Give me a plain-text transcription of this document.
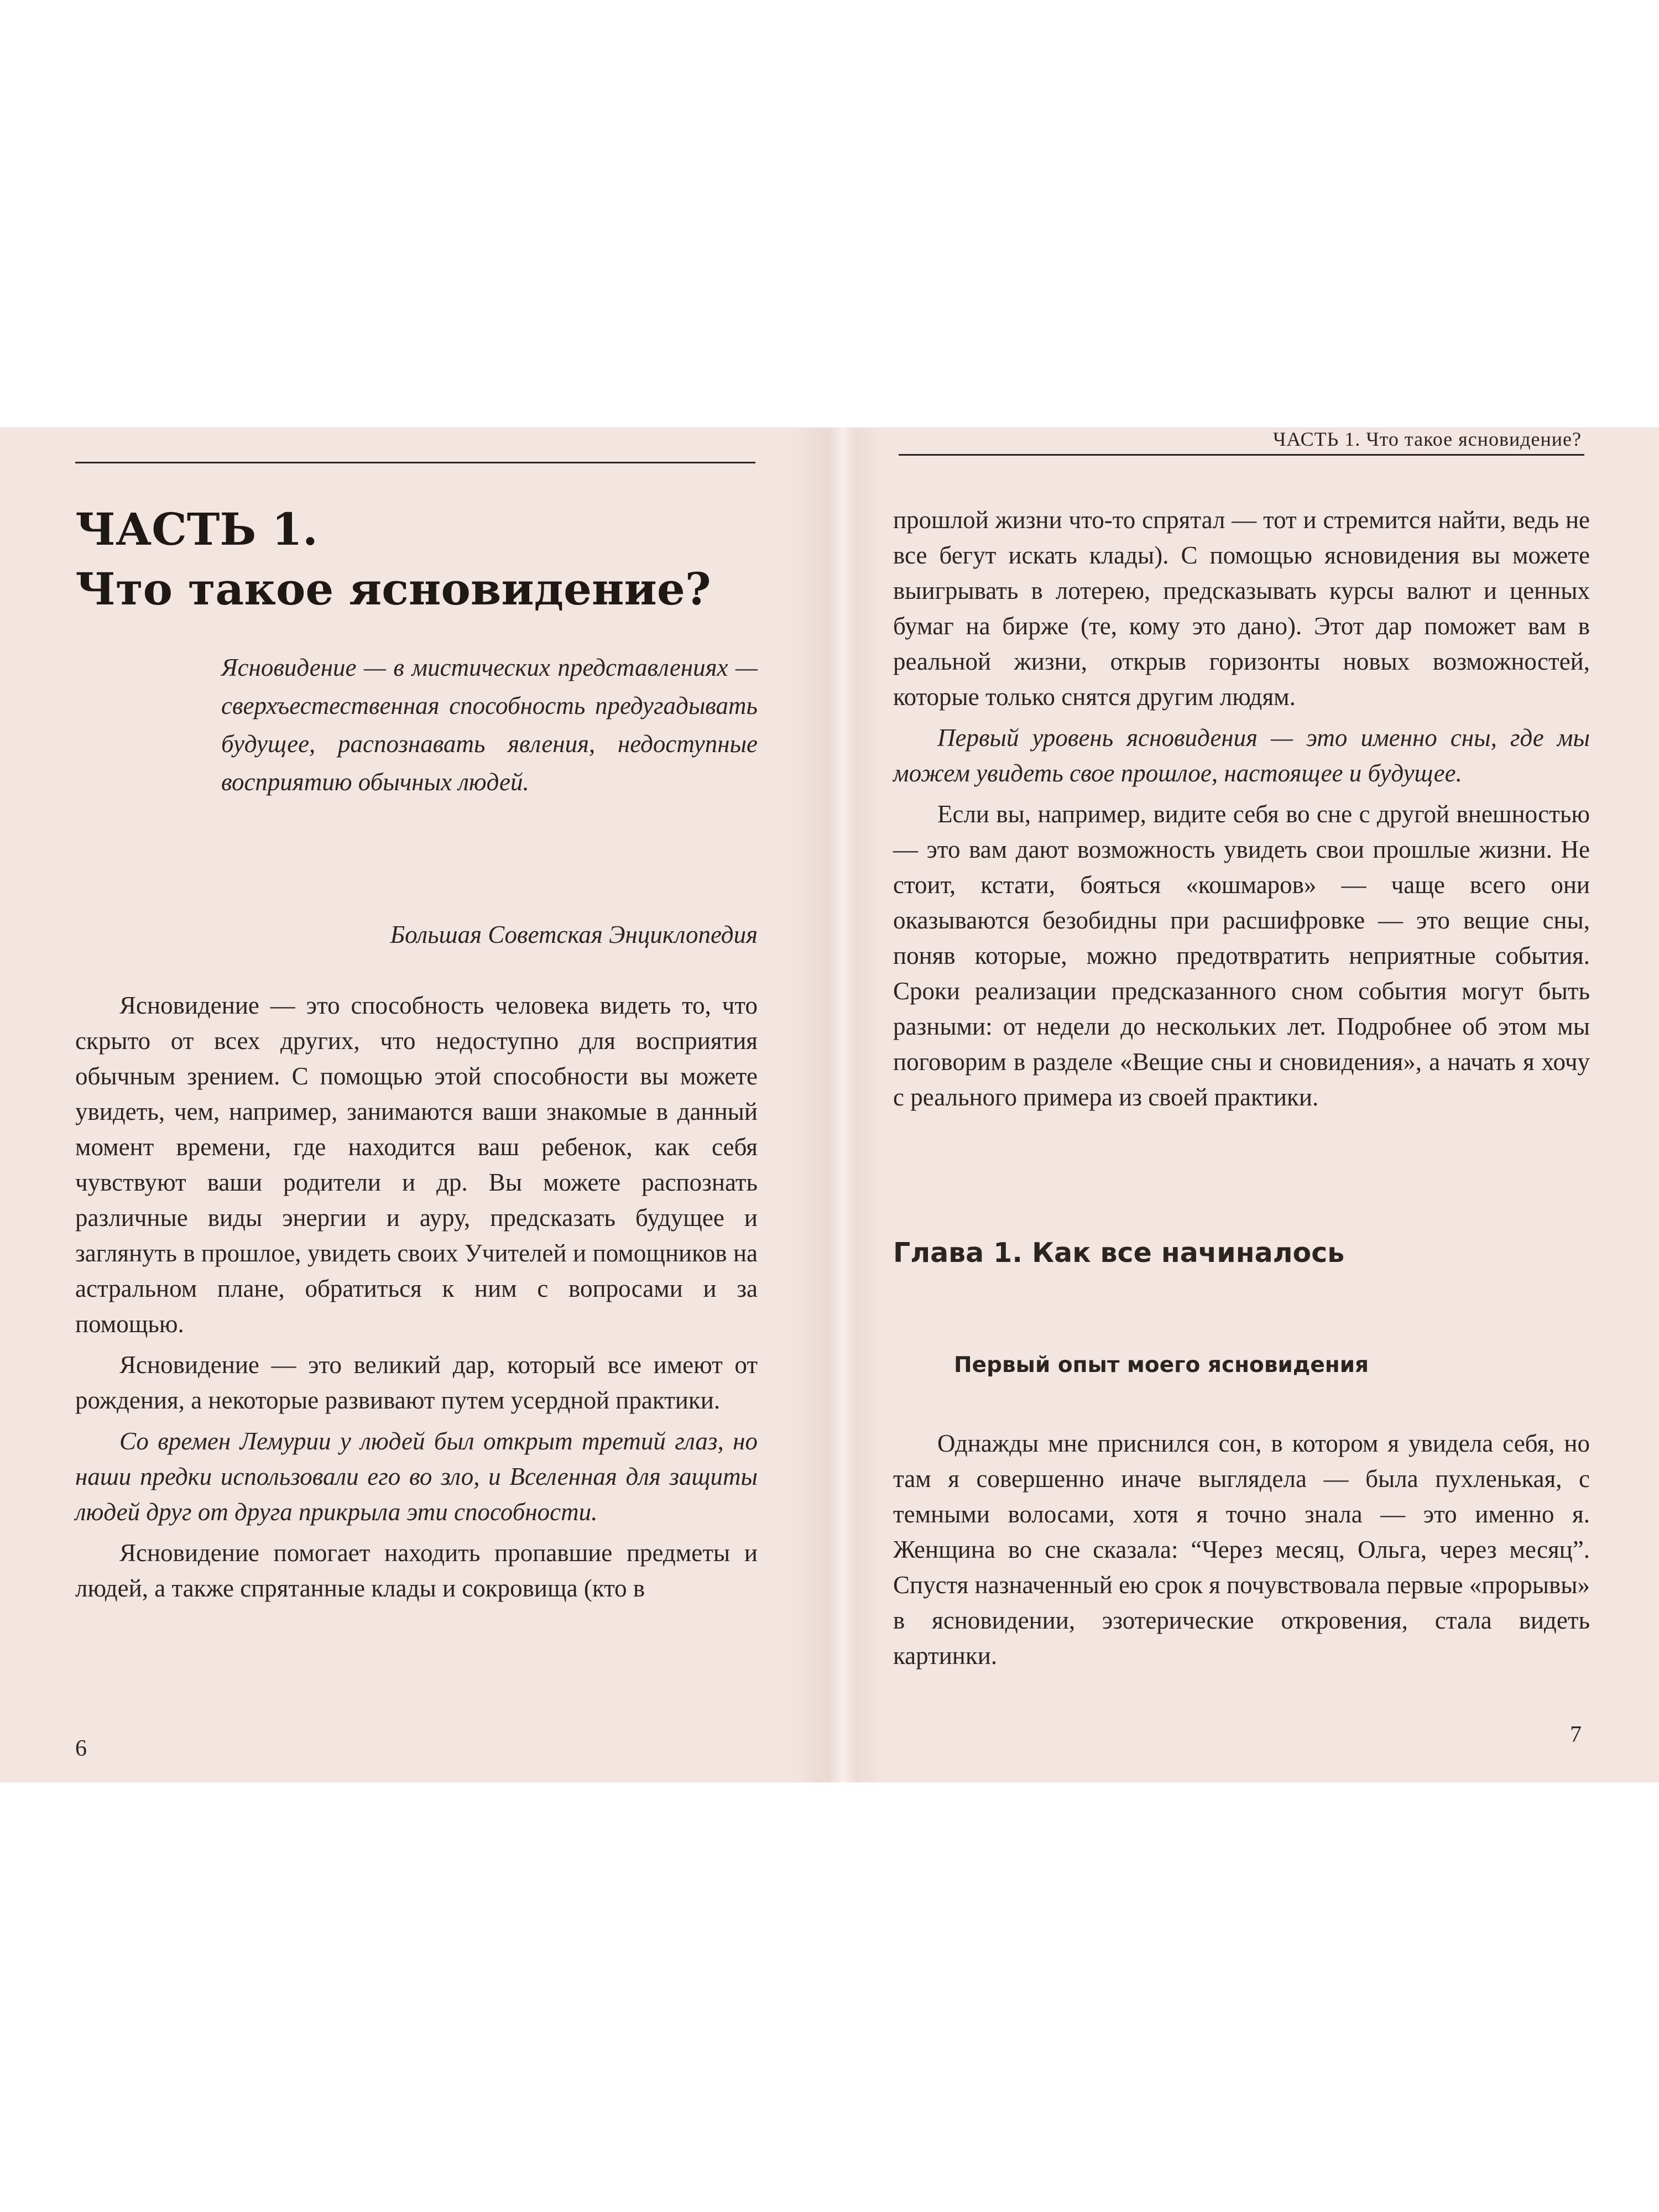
ЧАСТЬ 1.
Что такое ясновидение?

Ясновидение — в мистических представлениях — сверхъестественная способность предугадывать будущее, распознавать явления, недоступные восприятию обычных людей.

Большая Советская Энциклопедия

Ясновидение — это способность человека видеть то, что скрыто от всех других, что недоступно для восприятия обычным зрением. С помощью этой способности вы можете увидеть, чем, например, занимаются ваши знакомые в данный момент времени, где находится ваш ребенок, как себя чувствуют ваши родители и др. Вы можете распознать различные виды энергии и ауру, предсказать будущее и заглянуть в прошлое, увидеть своих Учителей и помощников на астральном плане, обратиться к ним с вопросами и за помощью.

Ясновидение — это великий дар, который все имеют от рождения, а некоторые развивают путем усердной практики.

Со времен Лемурии у людей был открыт третий глаз, но наши предки использовали его во зло, и Вселенная для защиты людей друг от друга прикрыла эти способности.

Ясновидение помогает находить пропавшие предметы и людей, а также спрятанные клады и сокровища (кто в

6
ЧАСТЬ 1. Что такое ясновидение?

прошлой жизни что-то спрятал — тот и стремится найти, ведь не все бегут искать клады). С помощью ясновидения вы можете выигрывать в лотерею, предсказывать курсы валют и ценных бумаг на бирже (те, кому это дано). Этот дар поможет вам в реальной жизни, открыв горизонты новых возможностей, которые только снятся другим людям.

Первый уровень ясновидения — это именно сны, где мы можем увидеть свое прошлое, настоящее и будущее.

Если вы, например, видите себя во сне с другой внешностью — это вам дают возможность увидеть свои прошлые жизни. Не стоит, кстати, бояться «кошмаров» — чаще всего они оказываются безобидны при расшифровке — это вещие сны, поняв которые, можно предотвратить неприятные события. Сроки реализации предсказанного сном события могут быть разными: от недели до нескольких лет. Подробнее об этом мы поговорим в разделе «Вещие сны и сновидения», а начать я хочу с реального примера из своей практики.

Глава 1. Как все начиналось
Первый опыт моего ясновидения

Однажды мне приснился сон, в котором я увидела себя, но там я совершенно иначе выглядела — была пухленькая, с темными волосами, хотя я точно знала — это именно я. Женщина во сне сказала: “Через месяц, Ольга, через месяц”. Спустя назначенный ею срок я почувствовала первые «прорывы» в ясновидении, эзотерические откровения, стала видеть картинки.

7
